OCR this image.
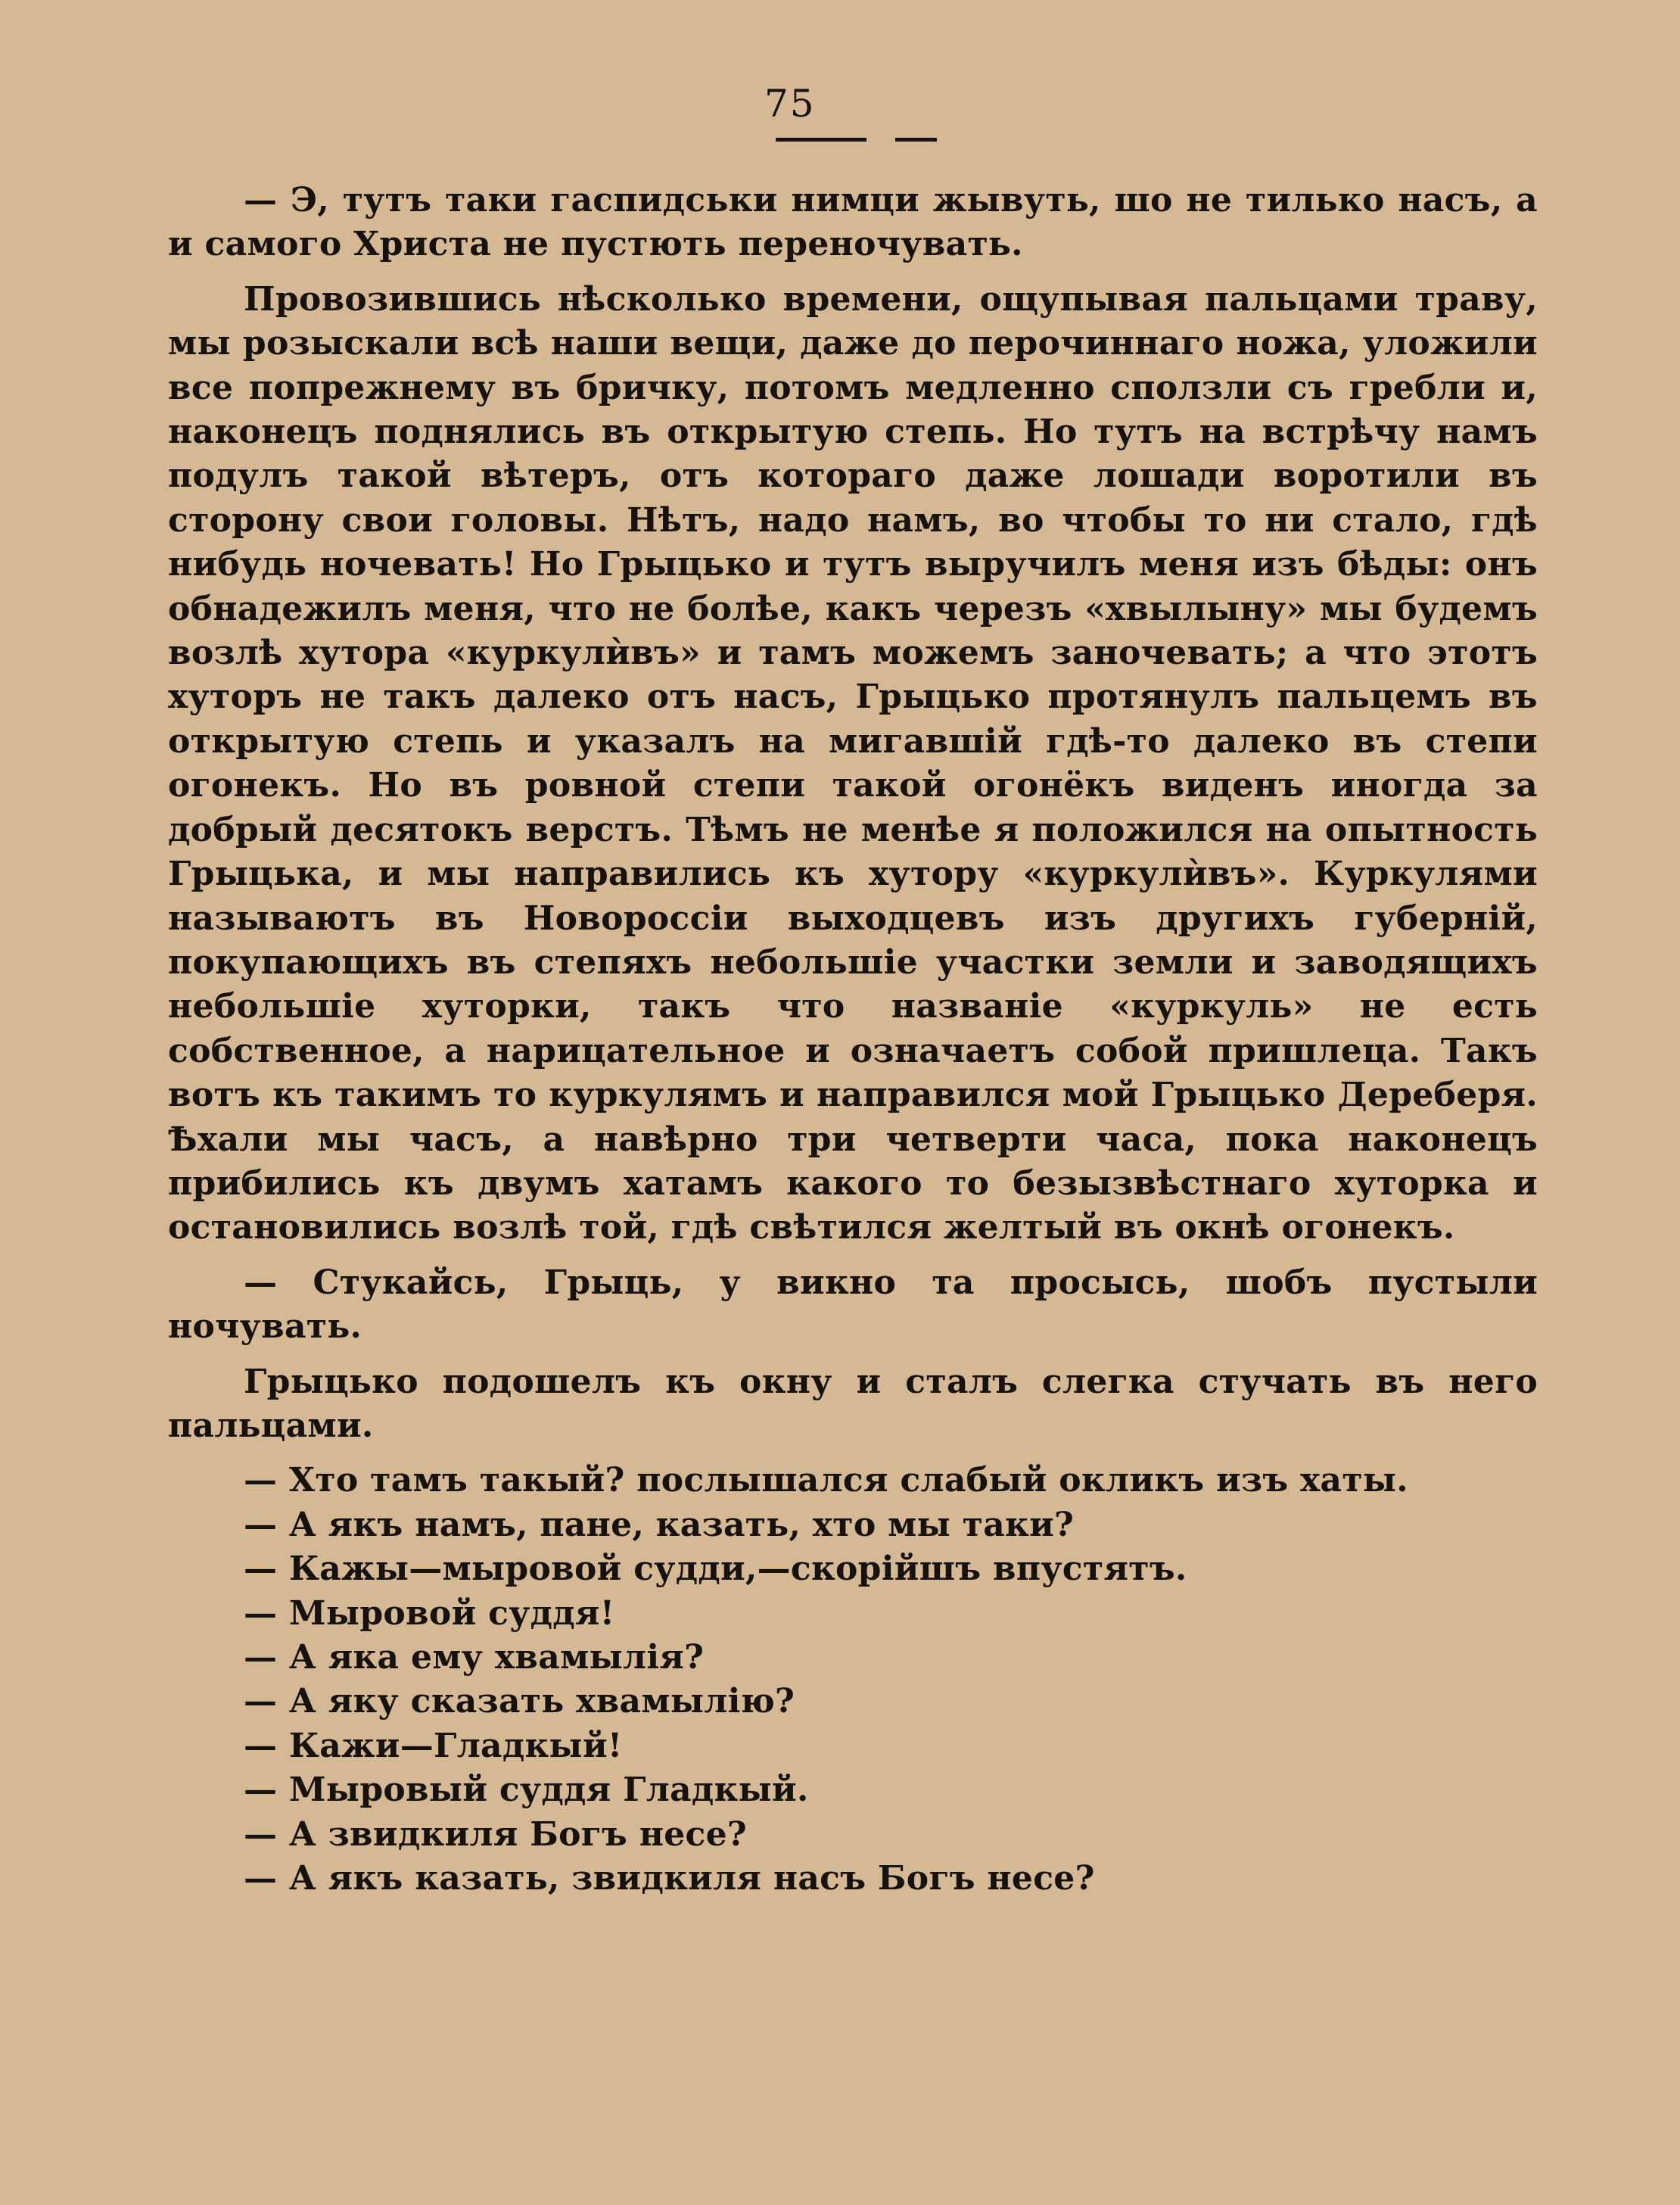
75

— Э, тутъ таки гаспидськи нимци жывуть, шо не тилько насъ, а и самого Христа не пустють переночувать.

Провозившись нѣсколько времени, ощупывая пальцами траву, мы розыскали всѣ наши вещи, даже до перочиннаго ножа, уложили все попрежнему въ бричку, потомъ медленно сползли съ гребли и, наконецъ поднялись въ открытую степь. Но тутъ на встрѣчу намъ подулъ такой вѣтеръ, отъ котораго даже лошади воротили въ сторону свои головы. Нѣтъ, надо намъ, во чтобы то ни стало, гдѣ нибудь ночевать! Но Грыцько и тутъ выручилъ меня изъ бѣды: онъ обнадежилъ меня, что не болѣе, какъ черезъ «хвылыну» мы будемъ возлѣ хутора «куркулѝвъ» и тамъ можемъ заночевать; а что этотъ хуторъ не такъ далеко отъ насъ, Грыцько протянулъ пальцемъ въ открытую степь и указалъ на мигавшій гдѣ-то далеко въ степи огонекъ. Но въ ровной степи такой огонёкъ виденъ иногда за добрый десятокъ верстъ. Тѣмъ не менѣе я положился на опытность Грыцька, и мы направились къ хутору «куркулѝвъ». Куркулями называютъ въ Новороссіи выходцевъ изъ другихъ губерній, покупающихъ въ степяхъ небольшіе участки земли и заводящихъ небольшіе хуторки, такъ что названіе «куркуль» не есть собственное, а нарицательное и означаетъ собой пришлеца. Такъ вотъ къ такимъ то куркулямъ и направился мой Грыцько Дереберя. Ѣхали мы часъ, а навѣрно три четверти часа, пока наконецъ прибились къ двумъ хатамъ какого то безызвѣстнаго хуторка и остановились возлѣ той, гдѣ свѣтился желтый въ окнѣ огонекъ.

— Стукайсь, Грыць, у викно та просысь, шобъ пустыли ночувать.

Грыцько подошелъ къ окну и сталъ слегка стучать въ него пальцами.

— Хто тамъ такый? послышался слабый окликъ изъ хаты.
— А якъ намъ, пане, казать, хто мы таки?
— Кажы—мыровой судди,—скорійшъ впустятъ.
— Мыровой суддя!
— А яка ему хвамылія?
— А яку сказать хвамылію?
— Кажи—Гладкый!
— Мыровый суддя Гладкый.
— А звидкиля Богъ несе?
— А якъ казать, звидкиля насъ Богъ несе?
